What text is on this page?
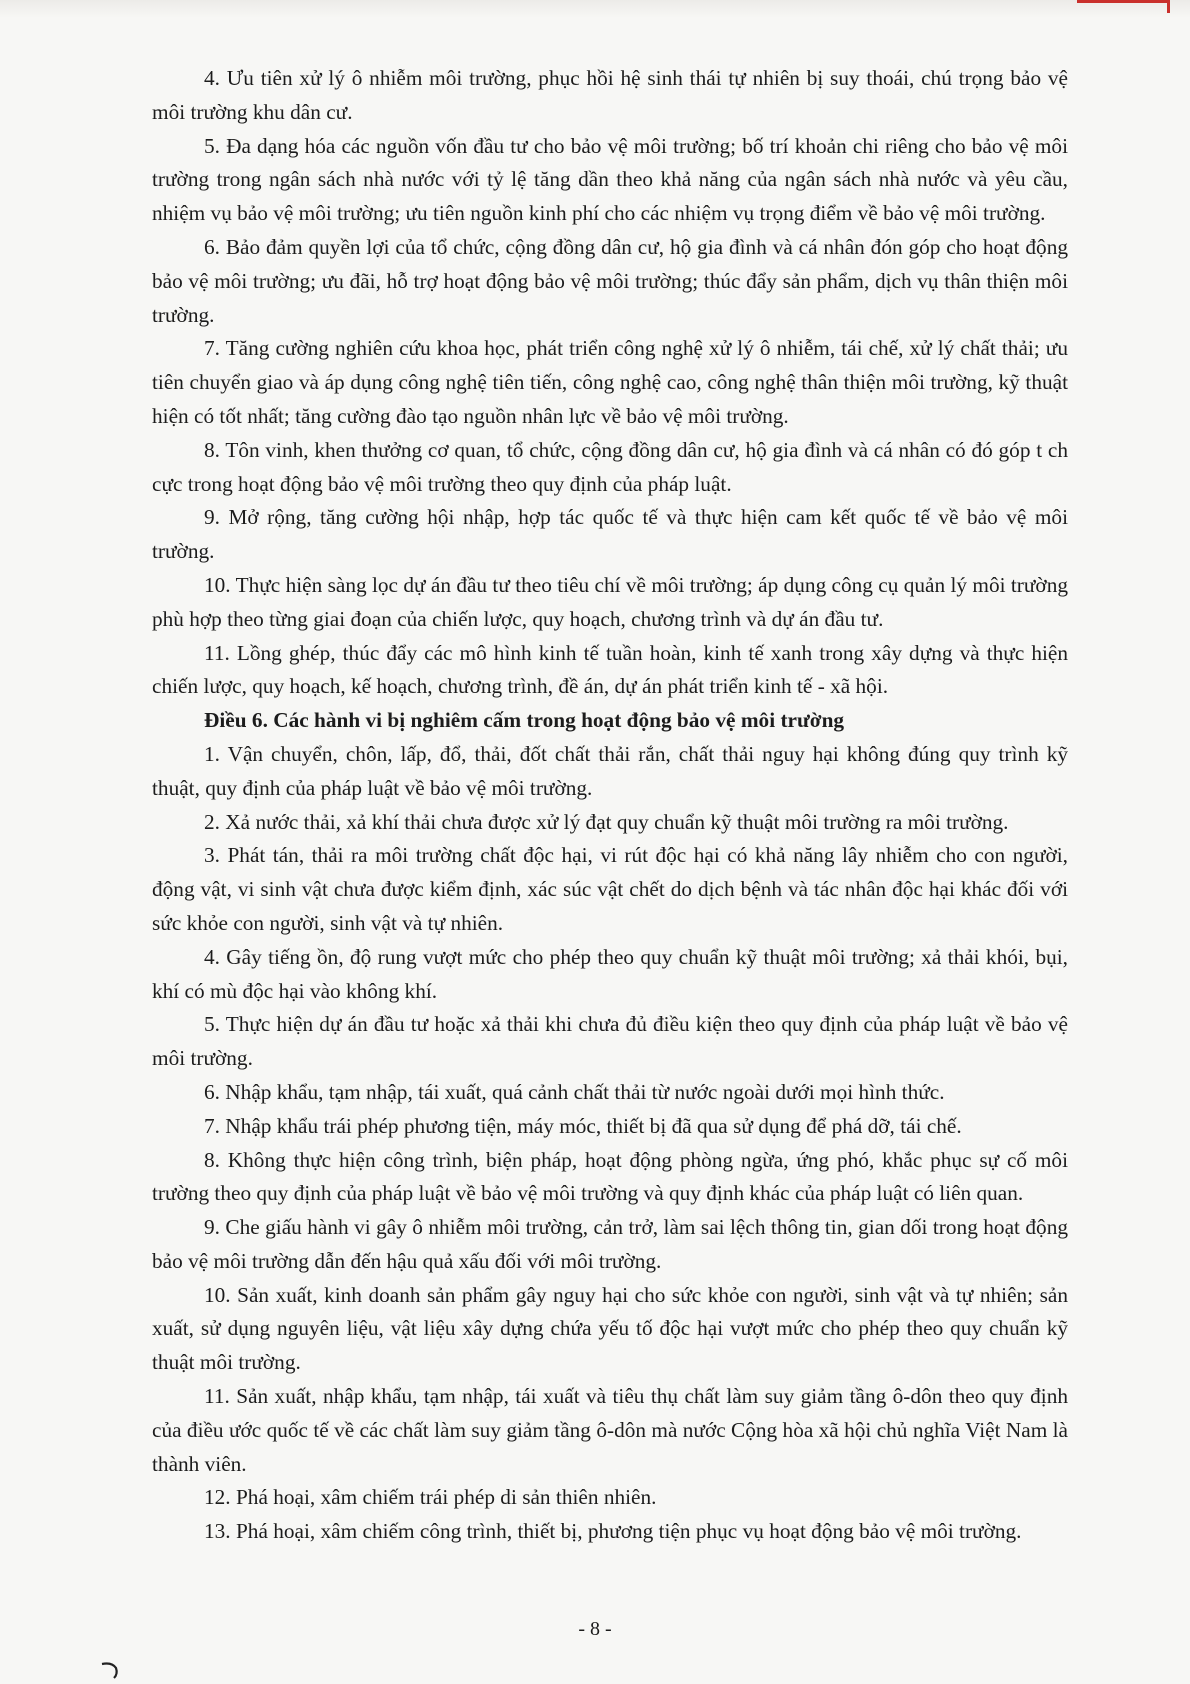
4. Ưu tiên xử lý ô nhiễm môi trường, phục hồi hệ sinh thái tự nhiên bị suy thoái, chú trọng bảo vệ môi trường khu dân cư.

5. Đa dạng hóa các nguồn vốn đầu tư cho bảo vệ môi trường; bố trí khoản chi riêng cho bảo vệ môi trường trong ngân sách nhà nước với tỷ lệ tăng dần theo khả năng của ngân sách nhà nước và yêu cầu, nhiệm vụ bảo vệ môi trường; ưu tiên nguồn kinh phí cho các nhiệm vụ trọng điểm về bảo vệ môi trường.

6. Bảo đảm quyền lợi của tổ chức, cộng đồng dân cư, hộ gia đình và cá nhân đón góp cho hoạt động bảo vệ môi trường; ưu đãi, hỗ trợ hoạt động bảo vệ môi trường; thúc đẩy sản phẩm, dịch vụ thân thiện môi trường.

7. Tăng cường nghiên cứu khoa học, phát triển công nghệ xử lý ô nhiễm, tái chế, xử lý chất thải; ưu tiên chuyển giao và áp dụng công nghệ tiên tiến, công nghệ cao, công nghệ thân thiện môi trường, kỹ thuật hiện có tốt nhất; tăng cường đào tạo nguồn nhân lực về bảo vệ môi trường.

8. Tôn vinh, khen thưởng cơ quan, tổ chức, cộng đồng dân cư, hộ gia đình và cá nhân có đó góp t ch cực trong hoạt động bảo vệ môi trường theo quy định của pháp luật.

9. Mở rộng, tăng cường hội nhập, hợp tác quốc tế và thực hiện cam kết quốc tế về bảo vệ môi trường.

10. Thực hiện sàng lọc dự án đầu tư theo tiêu chí về môi trường; áp dụng công cụ quản lý môi trường phù hợp theo từng giai đoạn của chiến lược, quy hoạch, chương trình và dự án đầu tư.

11. Lồng ghép, thúc đẩy các mô hình kinh tế tuần hoàn, kinh tế xanh trong xây dựng và thực hiện chiến lược, quy hoạch, kế hoạch, chương trình, đề án, dự án phát triển kinh tế - xã hội.

Điều 6. Các hành vi bị nghiêm cấm trong hoạt động bảo vệ môi trường

1. Vận chuyển, chôn, lấp, đổ, thải, đốt chất thải rắn, chất thải nguy hại không đúng quy trình kỹ thuật, quy định của pháp luật về bảo vệ môi trường.

2. Xả nước thải, xả khí thải chưa được xử lý đạt quy chuẩn kỹ thuật môi trường ra môi trường.

3. Phát tán, thải ra môi trường chất độc hại, vi rút độc hại có khả năng lây nhiễm cho con người, động vật, vi sinh vật chưa được kiểm định, xác súc vật chết do dịch bệnh và tác nhân độc hại khác đối với sức khỏe con người, sinh vật và tự nhiên.

4. Gây tiếng ồn, độ rung vượt mức cho phép theo quy chuẩn kỹ thuật môi trường; xả thải khói, bụi, khí có mù độc hại vào không khí.

5. Thực hiện dự án đầu tư hoặc xả thải khi chưa đủ điều kiện theo quy định của pháp luật về bảo vệ môi trường.

6. Nhập khẩu, tạm nhập, tái xuất, quá cảnh chất thải từ nước ngoài dưới mọi hình thức.

7. Nhập khẩu trái phép phương tiện, máy móc, thiết bị đã qua sử dụng để phá dỡ, tái chế.

8. Không thực hiện công trình, biện pháp, hoạt động phòng ngừa, ứng phó, khắc phục sự cố môi trường theo quy định của pháp luật về bảo vệ môi trường và quy định khác của pháp luật có liên quan.

9. Che giấu hành vi gây ô nhiễm môi trường, cản trở, làm sai lệch thông tin, gian dối trong hoạt động bảo vệ môi trường dẫn đến hậu quả xấu đối với môi trường.

10. Sản xuất, kinh doanh sản phẩm gây nguy hại cho sức khỏe con người, sinh vật và tự nhiên; sản xuất, sử dụng nguyên liệu, vật liệu xây dựng chứa yếu tố độc hại vượt mức cho phép theo quy chuẩn kỹ thuật môi trường.

11. Sản xuất, nhập khẩu, tạm nhập, tái xuất và tiêu thụ chất làm suy giảm tầng ô-dôn theo quy định của điều ước quốc tế về các chất làm suy giảm tầng ô-dôn mà nước Cộng hòa xã hội chủ nghĩa Việt Nam là thành viên.

12. Phá hoại, xâm chiếm trái phép di sản thiên nhiên.

13. Phá hoại, xâm chiếm công trình, thiết bị, phương tiện phục vụ hoạt động bảo vệ môi trường.

- 8 -
